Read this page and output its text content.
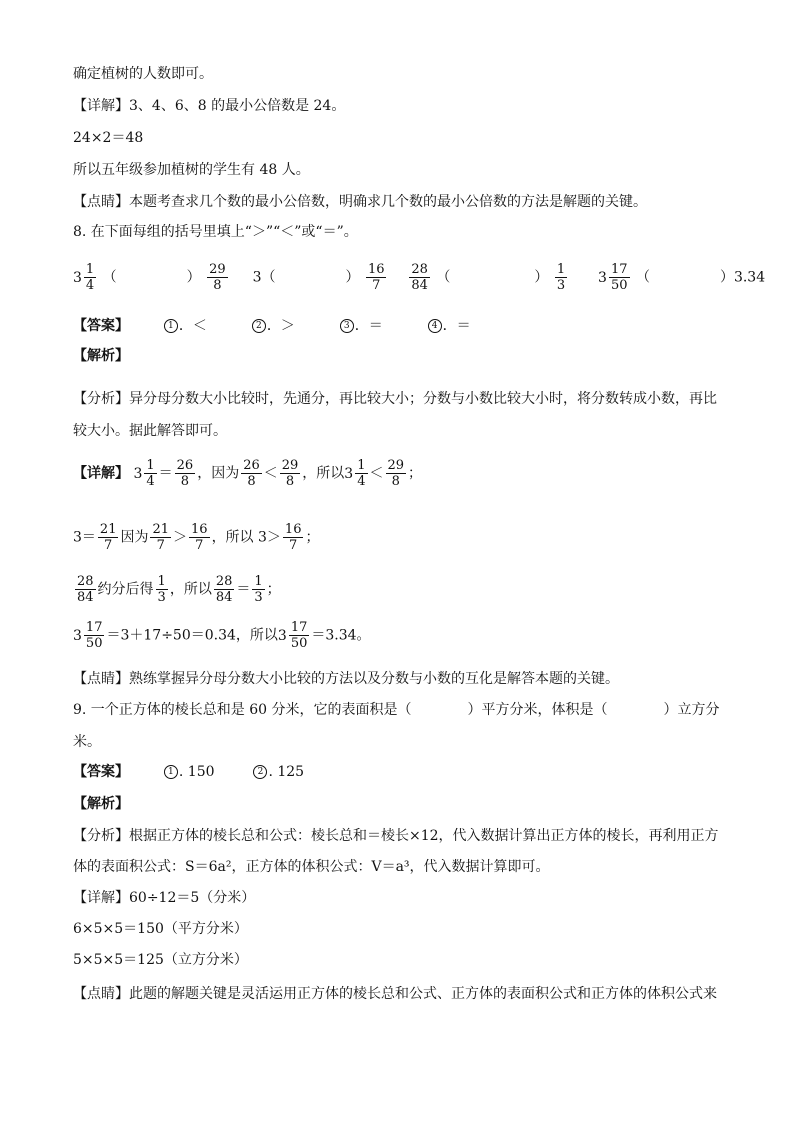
确定植树的人数即可。
【详解】3、4、6、8 的最小公倍数是 24。
24×2＝48
所以五年级参加植树的学生有 48 人。
【点睛】本题考查求几个数的最小公倍数，明确求几个数的最小公倍数的方法是解题的关键。
8. 在下面每组的括号里填上“＞”“＜”或“＝”。
$3 \frac{1}{4}$ （　　　　　） $\frac{29}{8} 3$（　　　　　） $\frac{16}{7}$
$\frac{28}{84}$ （　　　　　　） $\frac{1}{3}$
$3 \frac{17}{50}$ （　　　　　）3.34
【答案】	1 ．＜	2 ．＞	3 ．＝	4 ．＝
【解析】
【分析】异分母分数大小比较时，先通分，再比较大小；分数与小数比较大小时，将分数转成小数，再比
较大小。据此解答即可。
【详解】 $3 \frac{1}{4} = \frac{26}{8}$ ，因为 $\frac{26}{8} < \frac{29}{8}$ ，所以 $3 \frac{1}{4} < \frac{29}{8}$ ；
$3= \frac{21}{7}$ 因为 $\frac{21}{7} > \frac{16}{7}$ ，所以 $3> \frac{16}{7}$ ；
$\frac{28}{84}$ 约分后得 $\frac{1}{3}$ ，所以 $\frac{28}{84} = \frac{1}{3}$ ；
$3 \frac{17}{50} =3+17\div 50=0.34$，所以 $3 \frac{17}{50} =3.34$。
【点睛】熟练掌握异分母分数大小比较的方法以及分数与小数的互化是解答本题的关键。
9. 一个正方体的棱长总和是 60 分米，它的表面积是（　　　　）平方分米，体积是（　　　　）立方分
米。
【答案】	1 . 150	2 . 125
【解析】
【分析】根据正方体的棱长总和公式：棱长总和＝棱长×12，代入数据计算出正方体的棱长，再利用正方
体的表面积公式：S＝6a²，正方体的体积公式：V＝a³，代入数据计算即可。
【详解】60÷12＝5（分米）
6×5×5＝150（平方分米）
5×5×5＝125（立方分米）
【点睛】此题的解题关键是灵活运用正方体的棱长总和公式、正方体的表面积公式和正方体的体积公式来
